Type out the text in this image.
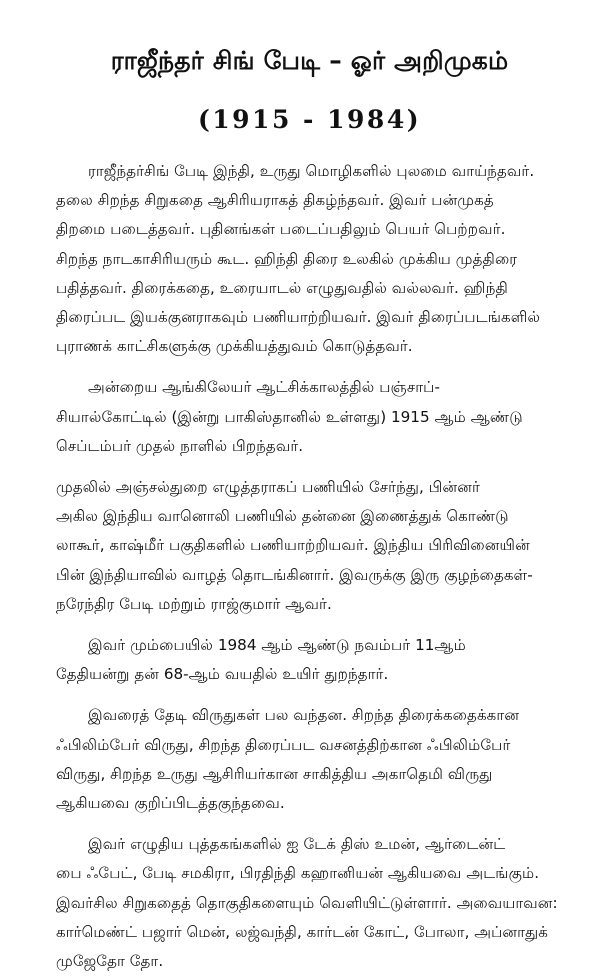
ராஜீந்தர் சிங் பேடி – ஓர் அறிமுகம்
(1915 - 1984)

ராஜீந்தர்சிங் பேடி இந்தி, உருது மொழிகளில் புலமை வாய்ந்தவர்.
தலை சிறந்த சிறுகதை ஆசிரியராகத் திகழ்ந்தவர். இவர் பன்முகத்
திறமை படைத்தவர். புதினங்கள் படைப்பதிலும் பெயர் பெற்றவர்.
சிறந்த நாடகாசிரியரும் கூட. ஹிந்தி திரை உலகில் முக்கிய முத்திரை
பதித்தவர். திரைக்கதை, உரையாடல் எழுதுவதில் வல்லவர். ஹிந்தி
திரைப்பட இயக்குனராகவும் பணியாற்றியவர். இவர் திரைப்படங்களில்
புராணக் காட்சிகளுக்கு முக்கியத்துவம் கொடுத்தவர்.

அன்றைய ஆங்கிலேயர் ஆட்சிக்காலத்தில் பஞ்சாப்-
சியால்கோட்டில் (இன்று பாகிஸ்தானில் உள்ளது) 1915 ஆம் ஆண்டு
செப்டம்பர் முதல் நாளில் பிறந்தவர்.

முதலில் அஞ்சல்துறை எழுத்தராகப் பணியில் சேர்ந்து, பின்னர்
அகில இந்திய வானொலி பணியில் தன்னை இணைத்துக் கொண்டு
லாகூர், காஷ்மீர் பகுதிகளில் பணியாற்றியவர். இந்திய பிரிவினையின்
பின் இந்தியாவில் வாழத் தொடங்கினார். இவருக்கு இரு குழந்தைகள்-
நரேந்திர பேடி மற்றும் ராஜ்குமார் ஆவர்.

இவர் மும்பையில் 1984 ஆம் ஆண்டு நவம்பர் 11ஆம்
தேதியன்று தன் 68-ஆம் வயதில் உயிர் துறந்தார்.

இவரைத் தேடி விருதுகள் பல வந்தன. சிறந்த திரைக்கதைக்கான
ஃபிலிம்பேர் விருது, சிறந்த திரைப்பட வசனத்திற்கான ஃபிலிம்பேர்
விருது, சிறந்த உருது ஆசிரியர்கான சாகித்திய அகாதெமி விருது
ஆகியவை குறிப்பிடத்தகுந்தவை.

இவர் எழுதிய புத்தகங்களில் ஐ டேக் திஸ் உமன், ஆர்டைன்ட்
பை ஃபேட், பேடி சமகிரா, பிரதிந்தி கஹானியன் ஆகியவை அடங்கும்.
இவர்சில சிறுகதைத் தொகுதிகளையும் வெளியிட்டுள்ளார். அவையாவன:
கார்மெண்ட் பஜார் மென், லஜ்வந்தி, கார்டன் கோட், போலா, அப்னாதுக்
முஜேதோ தோ.
